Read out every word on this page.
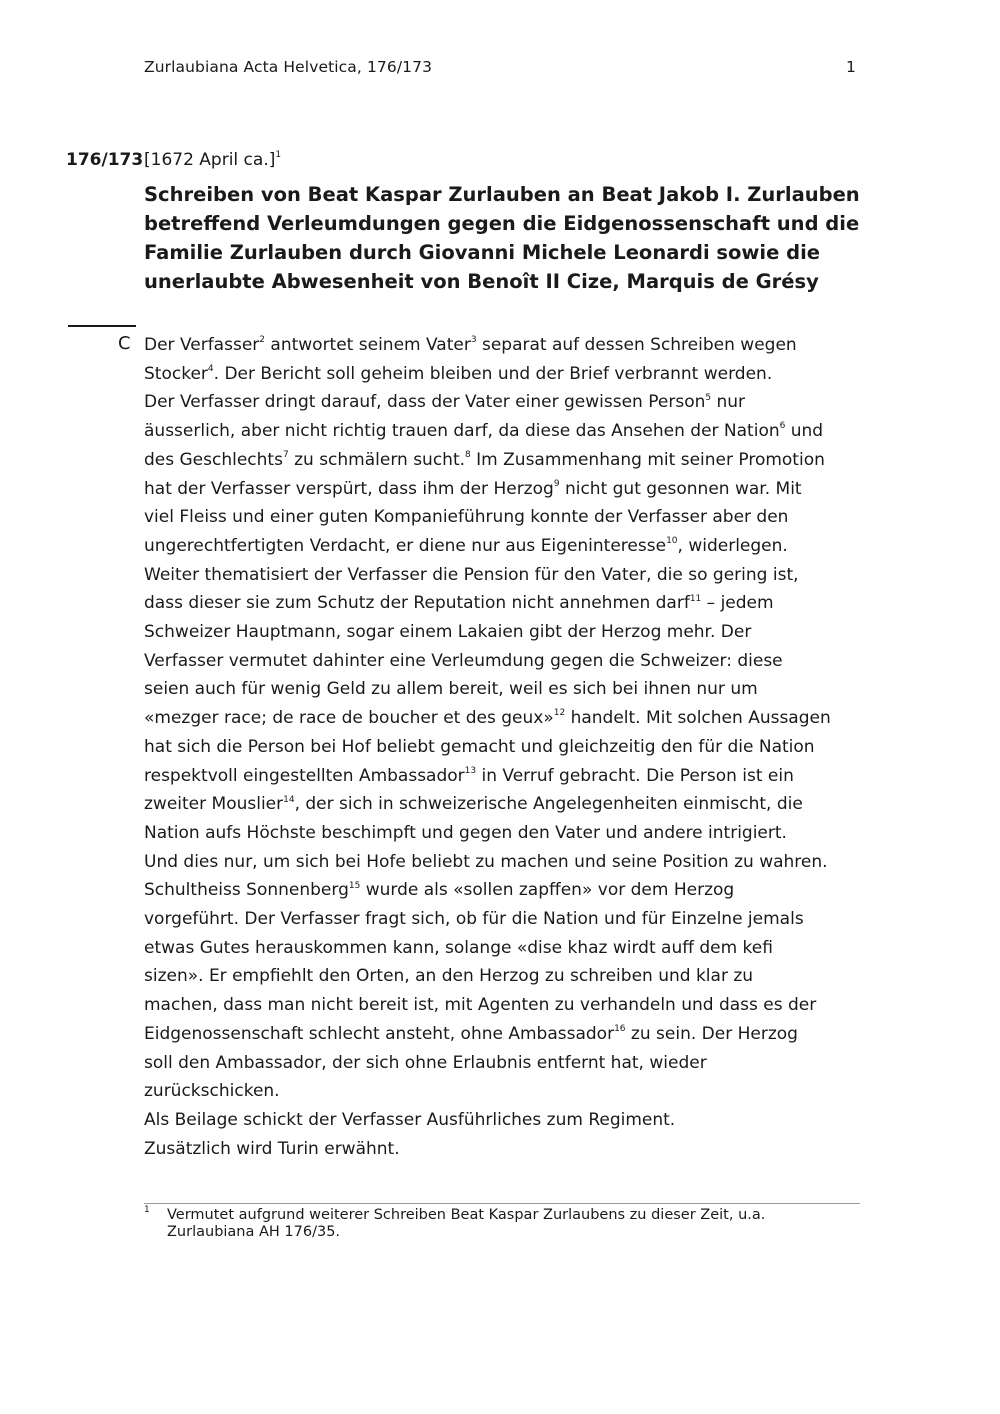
Zurlaubiana Acta Helvetica, 176/173	1
176/173 [1672 April ca.]$^1$
Schreiben von Beat Kaspar Zurlauben an Beat Jakob I. Zurlauben
betreffend Verleumdungen gegen die Eidgenossenschaft und die
Familie Zurlauben durch Giovanni Michele Leonardi sowie die
unerlaubte Abwesenheit von Benoît II Cize, Marquis de Grésy
C Der Verfasser$^2$ antwortet seinem Vater$^3$ separat auf dessen Schreiben wegen
Stocker$^4$. Der Bericht soll geheim bleiben und der Brief verbrannt werden.
Der Verfasser dringt darauf, dass der Vater einer gewissen Person$^5$ nur
äusserlich, aber nicht richtig trauen darf, da diese das Ansehen der Nation$^6$ und
des Geschlechts$^7$ zu schmälern sucht.$^8$ Im Zusammenhang mit seiner Promotion
hat der Verfasser verspürt, dass ihm der Herzog$^9$ nicht gut gesonnen war. Mit
viel Fleiss und einer guten Kompanieführung konnte der Verfasser aber den
ungerechtfertigten Verdacht, er diene nur aus Eigeninteresse$^{10}$, widerlegen.
Weiter thematisiert der Verfasser die Pension für den Vater, die so gering ist,
dass dieser sie zum Schutz der Reputation nicht annehmen darf$^{11}$ – jedem
Schweizer Hauptmann, sogar einem Lakaien gibt der Herzog mehr. Der
Verfasser vermutet dahinter eine Verleumdung gegen die Schweizer: diese
seien auch für wenig Geld zu allem bereit, weil es sich bei ihnen nur um
«mezger race; de race de boucher et des geux»$^{12}$ handelt. Mit solchen Aussagen
hat sich die Person bei Hof beliebt gemacht und gleichzeitig den für die Nation
respektvoll eingestellten Ambassador$^{13}$ in Verruf gebracht. Die Person ist ein
zweiter Mouslier$^{14}$, der sich in schweizerische Angelegenheiten einmischt, die
Nation aufs Höchste beschimpft und gegen den Vater und andere intrigiert.
Und dies nur, um sich bei Hofe beliebt zu machen und seine Position zu wahren.
Schultheiss Sonnenberg$^{15}$ wurde als «sollen zapffen» vor dem Herzog
vorgeführt. Der Verfasser fragt sich, ob für die Nation und für Einzelne jemals
etwas Gutes herauskommen kann, solange «dise khaz wirdt auff dem kefi
sizen». Er empfiehlt den Orten, an den Herzog zu schreiben und klar zu
machen, dass man nicht bereit ist, mit Agenten zu verhandeln und dass es der
Eidgenossenschaft schlecht ansteht, ohne Ambassador$^{16}$ zu sein. Der Herzog
soll den Ambassador, der sich ohne Erlaubnis entfernt hat, wieder
zurückschicken.
Als Beilage schickt der Verfasser Ausführliches zum Regiment.
Zusätzlich wird Turin erwähnt.
1 Vermutet aufgrund weiterer Schreiben Beat Kaspar Zurlaubens zu dieser Zeit, u.a.
Zurlaubiana AH 176/35.
